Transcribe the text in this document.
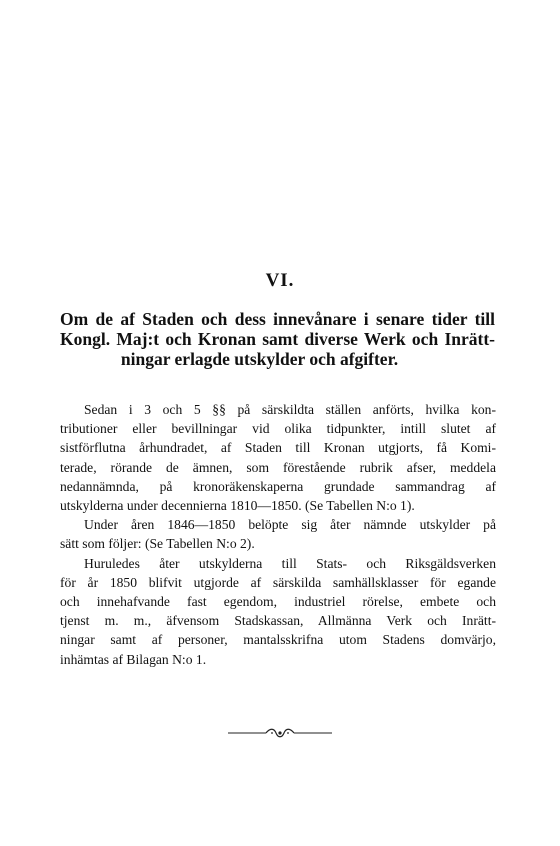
VI.
Om de af Staden och dess innevånare i senare tider till
Kongl. Maj:t och Kronan samt diverse Werk och Inrätt-
ningar erlagde utskylder och afgifter.
Sedan i 3 och 5 §§ på särskildta ställen anförts, hvilka kon-
tributioner eller bevillningar vid olika tidpunkter, intill slutet af
sistförflutna århundradet, af Staden till Kronan utgjorts, få Komi-
terade, rörande de ämnen, som förestående rubrik afser, meddela
nedannämnda, på kronoräkenskaperna grundade sammandrag af
utskylderna under decennierna 1810—1850. (Se Tabellen N:o 1).
Under åren 1846—1850 belöpte sig åter nämnde utskylder på
sätt som följer: (Se Tabellen N:o 2).
Huruledes åter utskylderna till Stats- och Riksgäldsverken
för år 1850 blifvit utgjorde af särskilda samhällsklasser för egande
och innehafvande fast egendom, industriel rörelse, embete och
tjenst m. m., äfvensom Stadskassan, Allmänna Verk och Inrätt-
ningar samt af personer, mantalsskrifna utom Stadens domvärjo,
inhämtas af Bilagan N:o 1.
